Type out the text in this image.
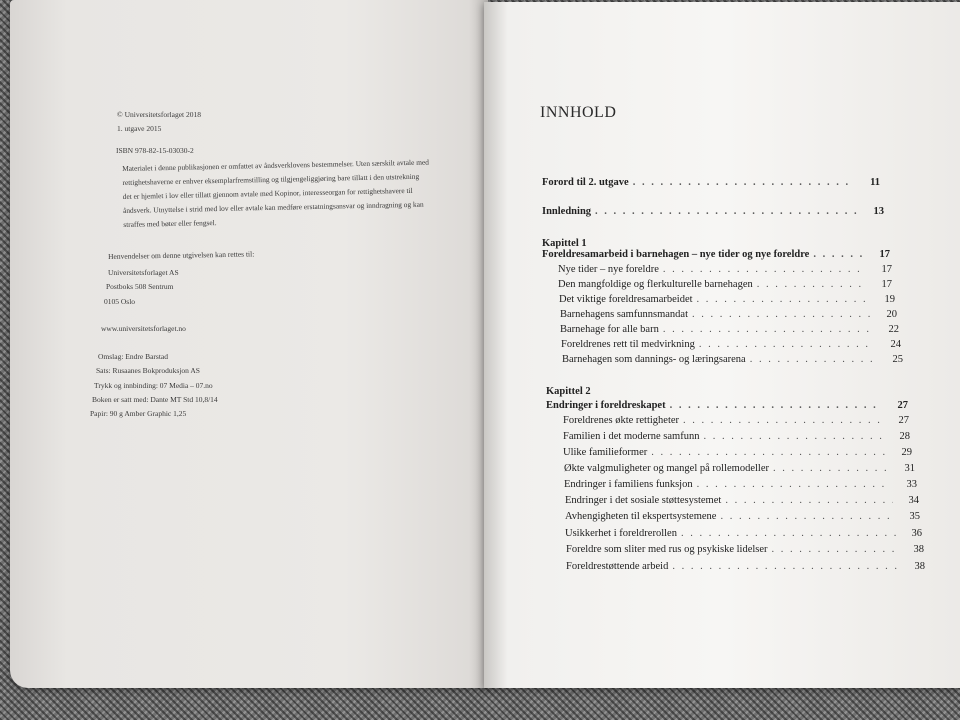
© Universitetsforlaget 2018
1. utgave 2015
ISBN 978-82-15-03030-2
Materialet i denne publikasjonen er omfattet av åndsverklovens bestemmelser. Uten særskilt avtale med
rettighetshaverne er enhver eksemplarfremstilling og tilgjengeliggjøring bare tillatt i den utstrekning
det er hjemlet i lov eller tillatt gjennom avtale med Kopinor, interesseorgan for rettighetshavere til
åndsverk. Utnyttelse i strid med lov eller avtale kan medføre erstatningsansvar og inndragning og kan
straffes med bøter eller fengsel.
Henvendelser om denne utgivelsen kan rettes til:
Universitetsforlaget AS
Postboks 508 Sentrum
0105 Oslo
www.universitetsforlaget.no
Omslag: Endre Barstad
Sats: Rusaanes Bokproduksjon AS
Trykk og innbinding: 07 Media – 07.no
Boken er satt med: Dante MT Std 10,8/14
Papir: 90 g Amber Graphic 1,25
INNHOLD
Forord til 2. utgave . . .	11
Innledning . . .	13
Kapittel 1
Foreldresamarbeid i barnehagen – nye tider og nye foreldre . . .	17
Nye tider – nye foreldre . . .	17
Den mangfoldige og flerkulturelle barnehagen . . .	17
Det viktige foreldresamarbeidet . . .	19
Barnehagens samfunnsmandat . . .	20
Barnehage for alle barn . . .	22
Foreldrenes rett til medvirkning . . .	24
Barnehagen som dannings- og læringsarena . . .	25
Kapittel 2
Endringer i foreldreskapet . . .	27
Foreldrenes økte rettigheter . . .	27
Familien i det moderne samfunn . . .	28
Ulike familieformer . . .	29
Økte valgmuligheter og mangel på rollemodeller . . .	31
Endringer i familiens funksjon . . .	33
Endringer i det sosiale støttesystemet . . .	34
Avhengigheten til ekspertsystemene . . .	35
Usikkerhet i foreldrerollen . . .	36
Foreldre som sliter med rus og psykiske lidelser . . .	38
Foreldrestøttende arbeid . . .	38
